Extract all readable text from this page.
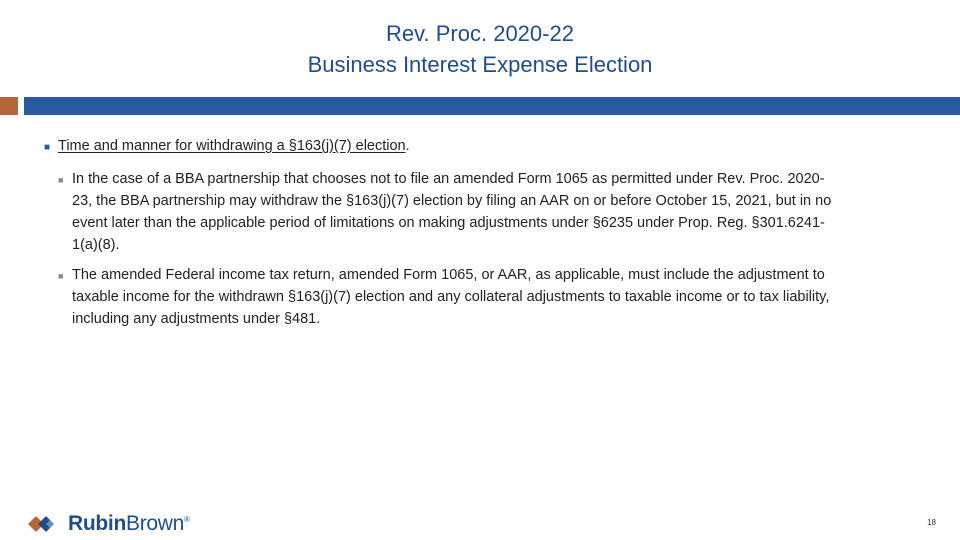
Rev. Proc. 2020-22
Business Interest Expense Election
■ Time and manner for withdrawing a §163(j)(7) election.
■ In the case of a BBA partnership that chooses not to file an amended Form 1065 as permitted under Rev. Proc. 2020-23, the BBA partnership may withdraw the §163(j)(7) election by filing an AAR on or before October 15, 2021, but in no event later than the applicable period of limitations on making adjustments under §6235 under Prop. Reg. §301.6241-1(a)(8).
■ The amended Federal income tax return, amended Form 1065, or AAR, as applicable, must include the adjustment to taxable income for the withdrawn §163(j)(7) election and any collateral adjustments to taxable income or to tax liability, including any adjustments under §481.
RubinBrown®	18
